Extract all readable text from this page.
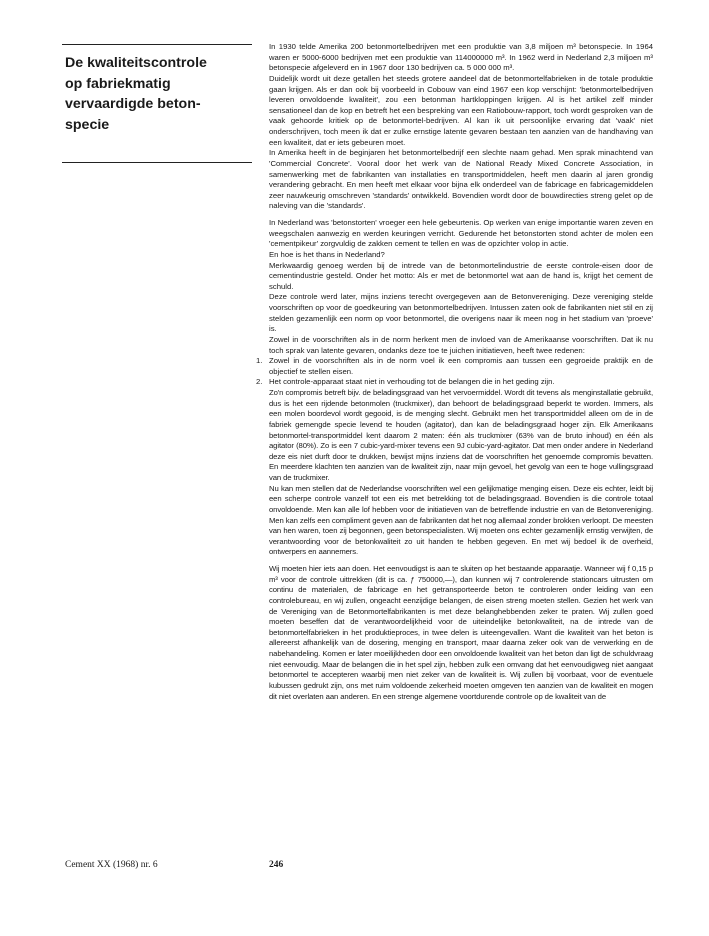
De kwaliteitscontrole
op fabriekmatig
vervaardigde beton-
specie

In 1930 telde Amerika 200 betonmortelbedrijven met een produktie van 3,8 miljoen m³ betonspecie. In 1964 waren er 5000-6000 bedrijven met een produktie van 114000000 m³. In 1962 werd in Nederland 2,3 miljoen m³ betonspecie afgeleverd en in 1967 door 130 bedrijven ca. 5 000 000 m³.

Duidelijk wordt uit deze getallen het steeds grotere aandeel dat de betonmortelfabrieken in de totale produktie gaan krijgen. Als er dan ook bij voorbeeld in Cobouw van eind 1967 een kop verschijnt: 'betonmortelbedrijven leveren onvoldoende kwaliteit', zou een betonman hartkloppingen krijgen. Al is het artikel zelf minder sensationeel dan de kop en betreft het een bespreking van een Ratiobouw-rapport, toch wordt gesproken van de vaak gehoorde kritiek op de betonmortel-bedrijven. Al kan ik uit persoonlijke ervaring dat 'vaak' niet onderschrijven, toch meen ik dat er zulke ernstige latente gevaren bestaan ten aanzien van de handhaving van een kwaliteit, dat er iets gebeuren moet.

In Amerika heeft in de beginjaren het betonmortelbedrijf een slechte naam gehad. Men sprak minachtend van 'Commercial Concrete'. Vooral door het werk van de National Ready Mixed Concrete Association, in samenwerking met de fabrikanten van installaties en transportmiddelen, heeft men daarin al jaren grondig verandering gebracht. En men heeft met elkaar voor bijna elk onderdeel van de fabricage en fabricagemiddelen zeer nauwkeurig omschreven 'standards' ontwikkeld. Bovendien wordt door de bouwdirecties streng gelet op de naleving van die 'standards'.

In Nederland was 'betonstorten' vroeger een hele gebeurtenis. Op werken van enige importantie waren zeven en weegschalen aanwezig en werden keuringen verricht. Gedurende het betonstorten stond achter de molen een 'cementpikeur' zorgvuldig de zakken cement te tellen en was de opzichter volop in actie.

En hoe is het thans in Nederland?

Merkwaardig genoeg werden bij de intrede van de betonmortelindustrie de eerste controle-eisen door de cementindustrie gesteld. Onder het motto: Als er met de betonmortel wat aan de hand is, krijgt het cement de schuld.

Deze controle werd later, mijns inziens terecht overgegeven aan de Betonvereniging. Deze vereniging stelde voorschriften op voor de goedkeuring van betonmortelbedrijven. Intussen zaten ook de fabrikanten niet stil en zij stelden gezamenlijk een norm op voor betonmortel, die overigens naar ik meen nog in het stadium van 'proeve' is.

Zowel in de voorschriften als in de norm herkent men de invloed van de Amerikaanse voorschriften. Dat ik nu toch sprak van latente gevaren, ondanks deze toe te juichen initiatieven, heeft twee redenen:

1. Zowel in de voorschriften als in de norm voel ik een compromis aan tussen een gegroeide praktijk en de objectief te stellen eisen.
2. Het controle-apparaat staat niet in verhouding tot de belangen die in het geding zijn.

Zo'n compromis betreft bijv. de beladingsgraad van het vervoermiddel. Wordt dit tevens als menginstallatie gebruikt, dus is het een rijdende betonmolen (truckmixer), dan behoort de beladingsgraad beperkt te worden. Immers, als een molen boordevol wordt gegooid, is de menging slecht. Gebruikt men het transportmiddel alleen om de in de fabriek gemengde specie levend te houden (agitator), dan kan de beladingsgraad hoger zijn. Elk Amerikaans betonmortel-transportmiddel kent daarom 2 maten: één als truckmixer (63% van de bruto inhoud) en één als agitator (80%). Zo is een 7 cubic-yard-mixer tevens een 9J cubic-yard-agitator. Dat men onder andere in Nederland deze eis niet durft door te drukken, bewijst mijns inziens dat de voorschriften het genoemde compromis bevatten. En meerdere klachten ten aanzien van de kwaliteit zijn, naar mijn gevoel, het gevolg van een te hoge vullingsgraad van de truckmixer.

Nu kan men stellen dat de Nederlandse voorschriften wel een gelijkmatige menging eisen. Deze eis echter, leidt bij een scherpe controle vanzelf tot een eis met betrekking tot de beladingsgraad. Bovendien is die controle totaal onvoldoende. Men kan alle lof hebben voor de initiatieven van de betreffende industrie en van de Betonvereniging. Men kan zelfs een compliment geven aan de fabrikanten dat het nog allemaal zonder brokken verloopt. De meesten van hen waren, toen zij begonnen, geen betonspecialisten. Wij moeten ons echter gezamenlijk ernstig verwijten, de verantwoording voor de betonkwaliteit zo uit handen te hebben gegeven. En met wij bedoel ik de overheid, ontwerpers en aannemers.

Wij moeten hier iets aan doen. Het eenvoudigst is aan te sluiten op het bestaande apparaatje. Wanneer wij f 0,15 p m³ voor de controle uittrekken (dit is ca. ƒ 750000,—), dan kunnen wij 7 controlerende stationcars uitrusten om continu de materialen, de fabricage en het getransporteerde beton te controleren onder leiding van een controlebureau, en wij zullen, ongeacht eenzijdige belangen, de eisen streng moeten stellen. Gezien het werk van de Vereniging van de Betonmortelfabrikanten is met deze belanghebbenden zeker te praten. Wij zullen goed moeten beseffen dat de verantwoordelijkheid voor de uiteindelijke betonkwaliteit, na de intrede van de betonmortelfabrieken in het produktieproces, in twee delen is uiteengevallen. Want die kwaliteit van het beton is allereerst afhankelijk van de dosering, menging en transport, maar daarna zeker ook van de verwerking en de nabehandeling. Komen er later moeilijkheden door een onvoldoende kwaliteit van het beton dan ligt de schuldvraag niet eenvoudig. Maar de belangen die in het spel zijn, hebben zulk een omvang dat het eenvoudigweg niet aangaat betonmortel te accepteren waarbij men niet zeker van de kwaliteit is. Wij zullen bij voorbaat, voor de eventuele kubussen gedrukt zijn, ons met ruim voldoende zekerheid moeten omgeven ten aanzien van de kwaliteit en mogen dit niet overlaten aan anderen. En een strenge algemene voortdurende controle op de kwaliteit van de

Cement XX (1968) nr. 6	246
